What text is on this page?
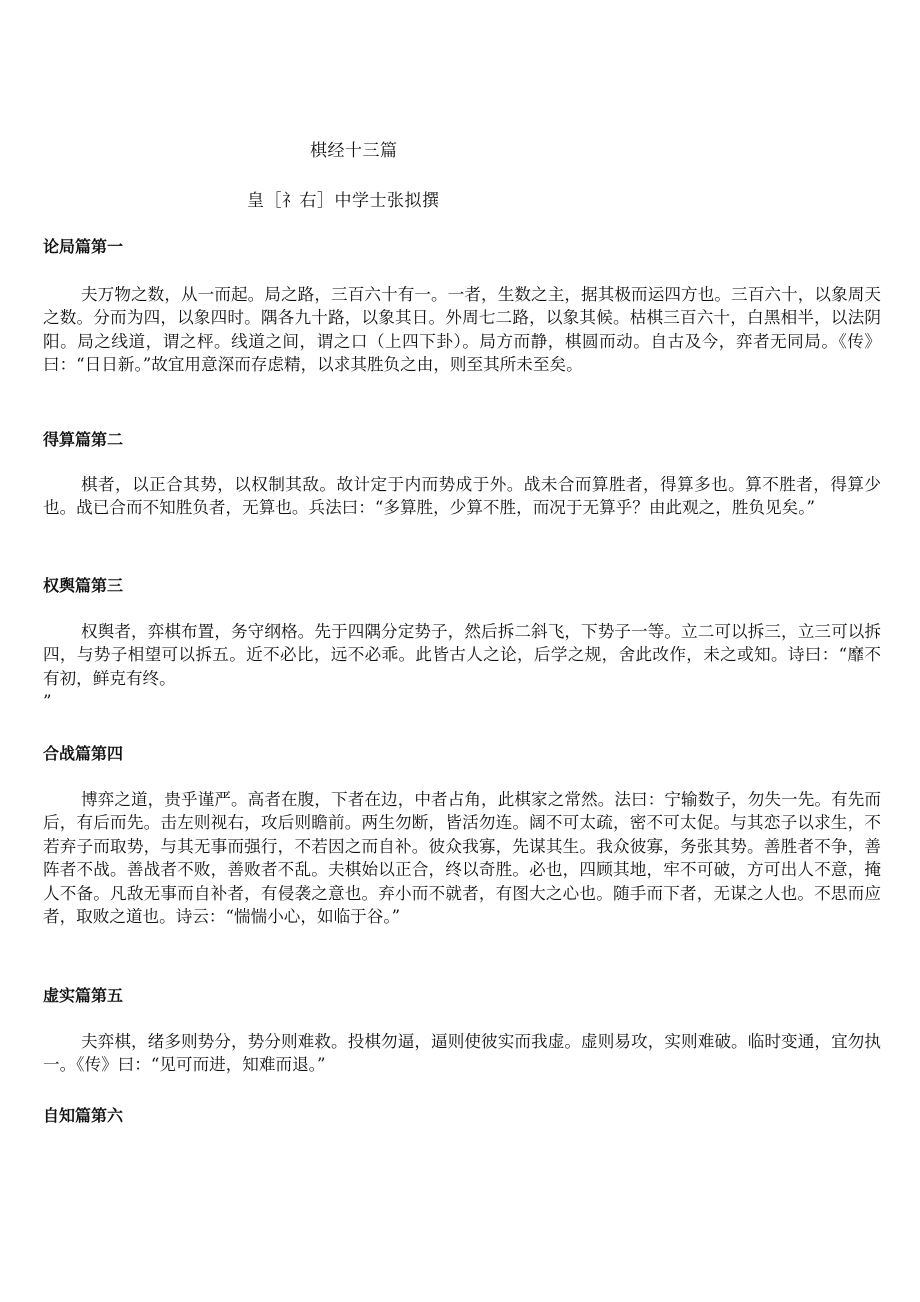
棋经十三篇
皇［礻右］中学士张拟撰
论局篇第一

夫万物之数，从一而起。局之路，三百六十有一。一者，生数之主，据其极而运四方也。三百六十，以象周天之数。分而为四，以象四时。隅各九十路，以象其日。外周七二路，以象其候。枯棋三百六十，白黑相半，以法阴阳。局之线道，谓之枰。线道之间，谓之口（上四下卦）。局方而静，棋圆而动。自古及今，弈者无同局。《传》曰：“日日新。”故宜用意深而存虑精，以求其胜负之由，则至其所未至矣。

得算篇第二

棋者，以正合其势，以权制其敌。故计定于内而势成于外。战未合而算胜者，得算多也。算不胜者，得算少也。战已合而不知胜负者，无算也。兵法曰：“多算胜，少算不胜，而况于无算乎？由此观之，胜负见矣。”

权舆篇第三

权舆者，弈棋布置，务守纲格。先于四隅分定势子，然后拆二斜飞，下势子一等。立二可以拆三，立三可以拆四，与势子相望可以拆五。近不必比，远不必乖。此皆古人之论，后学之规，舍此改作，未之或知。诗曰：“靡不有初，鲜克有终。

”
合战篇第四

博弈之道，贵乎谨严。高者在腹，下者在边，中者占角，此棋家之常然。法曰：宁输数子，勿失一先。有先而后，有后而先。击左则视右，攻后则瞻前。两生勿断，皆活勿连。阔不可太疏，密不可太促。与其恋子以求生，不若弃子而取势，与其无事而强行，不若因之而自补。彼众我寡，先谋其生。我众彼寡，务张其势。善胜者不争，善阵者不战。善战者不败，善败者不乱。夫棋始以正合，终以奇胜。必也，四顾其地，牢不可破，方可出人不意，掩人不备。凡敌无事而自补者，有侵袭之意也。弃小而不就者，有图大之心也。随手而下者，无谋之人也。不思而应者，取败之道也。诗云：“惴惴小心，如临于谷。”

虚实篇第五

夫弈棋，绪多则势分，势分则难救。投棋勿逼，逼则使彼实而我虚。虚则易攻，实则难破。临时变通，宜勿执一。《传》曰：“见可而进，知难而退。”

自知篇第六
